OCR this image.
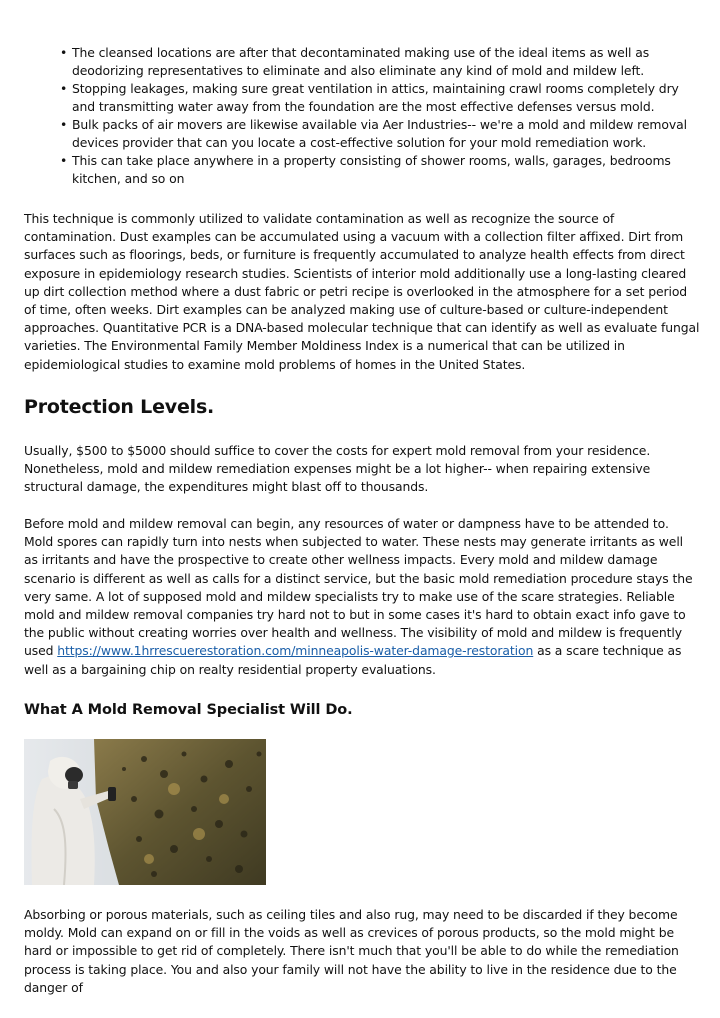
• The cleansed locations are after that decontaminated making use of the ideal items as well as deodorizing representatives to eliminate and also eliminate any kind of mold and mildew left.
• Stopping leakages, making sure great ventilation in attics, maintaining crawl rooms completely dry and transmitting water away from the foundation are the most effective defenses versus mold.
• Bulk packs of air movers are likewise available via Aer Industries-- we're a mold and mildew removal devices provider that can you locate a cost-effective solution for your mold remediation work.
• This can take place anywhere in a property consisting of shower rooms, walls, garages, bedrooms kitchen, and so on

This technique is commonly utilized to validate contamination as well as recognize the source of contamination. Dust examples can be accumulated using a vacuum with a collection filter affixed. Dirt from surfaces such as floorings, beds, or furniture is frequently accumulated to analyze health effects from direct exposure in epidemiology research studies. Scientists of interior mold additionally use a long-lasting cleared up dirt collection method where a dust fabric or petri recipe is overlooked in the atmosphere for a set period of time, often weeks. Dirt examples can be analyzed making use of culture-based or culture-independent approaches. Quantitative PCR is a DNA-based molecular technique that can identify as well as evaluate fungal varieties. The Environmental Family Member Moldiness Index is a numerical that can be utilized in epidemiological studies to examine mold problems of homes in the United States.

Protection Levels.

Usually, $500 to $5000 should suffice to cover the costs for expert mold removal from your residence. Nonetheless, mold and mildew remediation expenses might be a lot higher-- when repairing extensive structural damage, the expenditures might blast off to thousands.

Before mold and mildew removal can begin, any resources of water or dampness have to be attended to. Mold spores can rapidly turn into nests when subjected to water. These nests may generate irritants as well as irritants and have the prospective to create other wellness impacts. Every mold and mildew damage scenario is different as well as calls for a distinct service, but the basic mold remediation procedure stays the very same. A lot of supposed mold and mildew specialists try to make use of the scare strategies. Reliable mold and mildew removal companies try hard not to but in some cases it's hard to obtain exact info gave to the public without creating worries over health and wellness. The visibility of mold and mildew is frequently used https://www.1hrrescuerestoration.com/minneapolis-water-damage-restoration as a scare technique as well as a bargaining chip on realty residential property evaluations.

What A Mold Removal Specialist Will Do.

Absorbing or porous materials, such as ceiling tiles and also rug, may need to be discarded if they become moldy. Mold can expand on or fill in the voids as well as crevices of porous products, so the mold might be hard or impossible to get rid of completely. There isn't much that you'll be able to do while the remediation process is taking place. You and also your family will not have the ability to live in the residence due to the danger of
